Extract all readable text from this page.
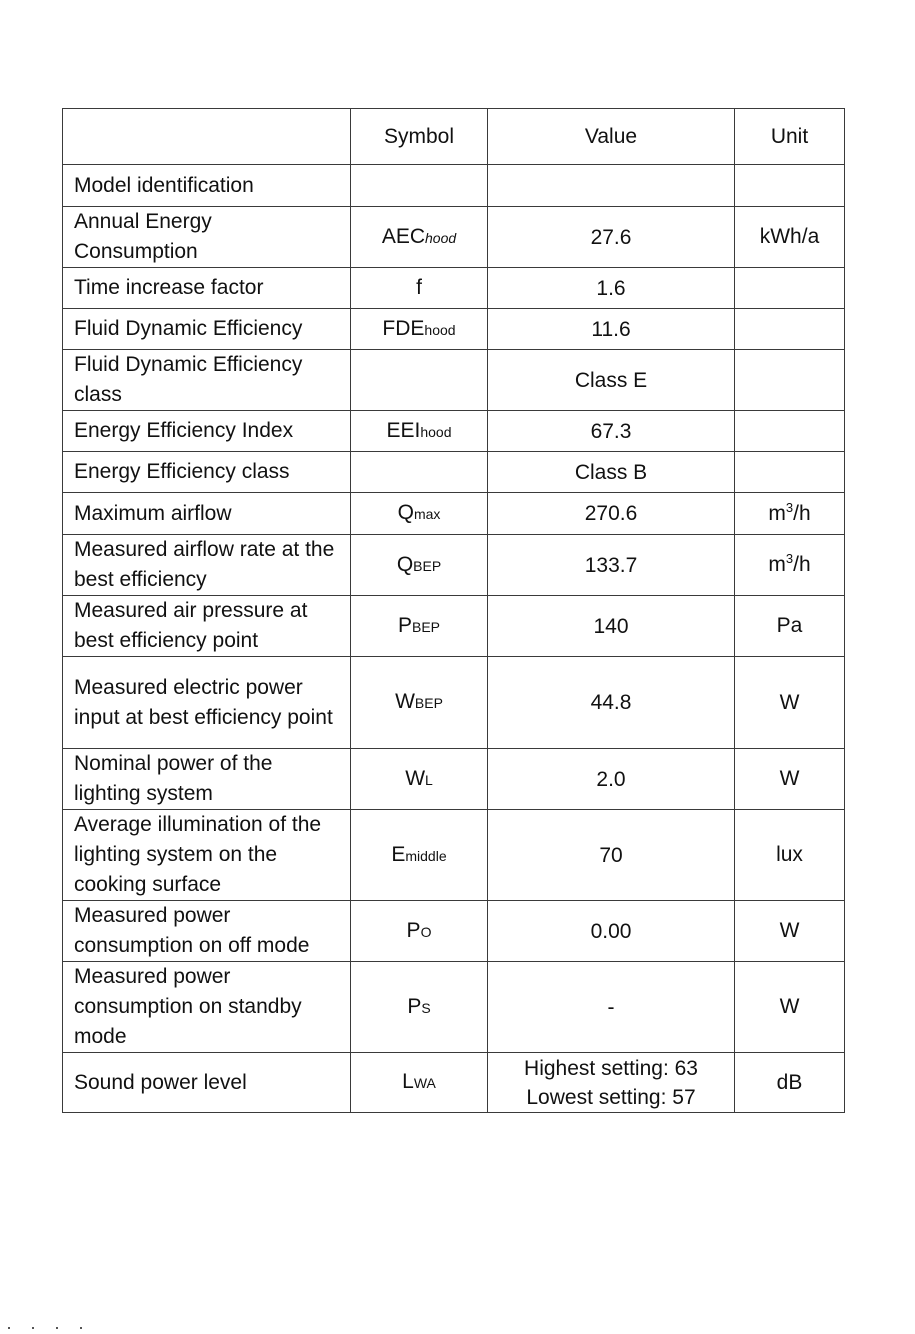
	Symbol	Value	Unit
Model identification		

Annual Energy Consumption	AEChood	27.6	kWh/a
Time increase factor	f	1.6	

Fluid Dynamic Efficiency	FDEhood	11.6	

Fluid Dynamic Efficiency class		Class E	

Energy Efficiency Index	EEIhood	67.3	

Energy Efficiency class		Class B	

Maximum airflow	Qmax	270.6	$m^3/h$
Measured airflow rate at the best efficiency	QBEP	133.7	$m^3/h$
Measured air pressure at best efficiency point	PBEP	140	Pa
Measured electric power input at best efficiency point	WBEP	44.8	W
Nominal power of the lighting system	WL	2.0	W
Average illumination of the lighting system on the cooking surface	Emiddle	70	lux
Measured power consumption on off mode	PO	0.00	W
Measured power consumption on standby mode	PS	-	W
Sound power level	LWA	Highest setting: 63
Lowest setting: 57	dB
